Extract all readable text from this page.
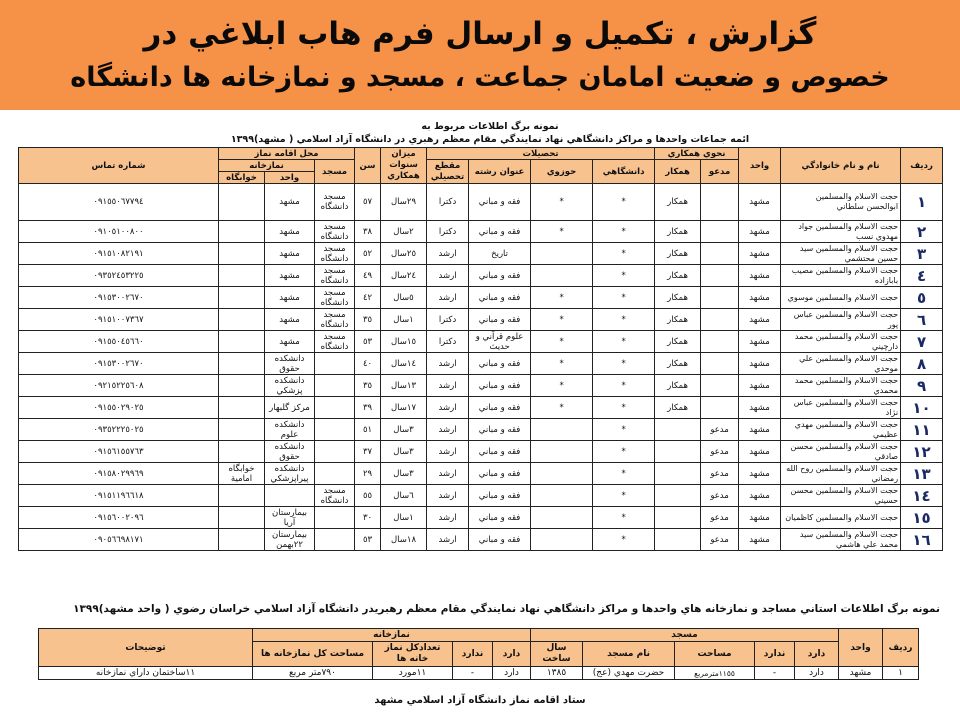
گزارش ، تكميل و ارسال فرم هاب ابلاغي در
خصوص و ضعيت امامان جماعت ، مسجد و نمازخانه ها دانشگاه
نمونه برگ اطلاعات مربوط به
ائمه جماعات واحدها و مراكز دانشگاهي نهاد نمايندگي مقام معظم رهبري در دانشگاه آزاد اسلامي ( مشهد)١٣٩٩
رديف	نام و نام خانوادگي	واحد	نحوي همكاري		تحصيلات				ميزان سنوات همكاري	سن	محل اقامه نماز			شماره تماس
			مدعو	همكار	دانشگاهي	حوزوي	عنوان رشته	مقطع تحصيلي			مسجد	نمازخانه		
												واحد	خوابگاه	
١	حجت الاسلام والمسلمين ابوالحسن سلطاني	مشهد		همكار	*	*	فقه و مباني	دكترا	٢٩سال	٥٧	مسجد دانشگاه	مشهد		٠٩١٥٥٠٦٧٧٩٤
٢	حجت الاسلام والمسلمين جواد مهدوي نسب	مشهد		همكار	*	*	فقه و مباني	دكترا	٢سال	٣٨	مسجد دانشگاه	مشهد		٠٩١٠٥١٠٠٨٠٠
٣	حجت الاسلام والمسلمين سيد حسين محتشمي	مشهد		همكار	*		تاريخ	ارشد	٢٥سال	٥٢	مسجد دانشگاه	مشهد		٠٩١٥١٠٨٢١٩١
٤	حجت الاسلام والمسلمين مصيب بابازاده	مشهد		همكار	*		فقه و مباني	ارشد	٢٤سال	٤٩	مسجد دانشگاه	مشهد		٠٩٣٥٢٤٥٣٢٢٥
٥	حجت الاسلام والمسلمين موسوي	مشهد		همكار	*	*	فقه و مباني	ارشد	٥سال	٤٢	مسجد دانشگاه	مشهد		٠٩١٥٣٠٠٢٦٧٠
٦	حجت الاسلام والمسلمين عباس پور	مشهد		همكار	*	*	فقه و مباني	دكترا	١سال	٣٥	مسجد دانشگاه	مشهد		٠٩١٥١٠٠٧٣٦٧
٧	حجت الاسلام والمسلمين محمد دارچيني	مشهد		همكار	*	*	علوم قرآني و حديث	دكترا	١٥سال	٥٣	مسجد دانشگاه	مشهد		٠٩١٥٥٠٤٥٦٦٠
٨	حجت الاسلام والمسلمين علي موحدي	مشهد		همكار	*	*	فقه و مباني	ارشد	١٤سال	٤٠		دانشكده حقوق		٠٩١٥٣٠٠٢٦٧٠
٩	حجت الاسلام والمسلمين محمد محمدي	مشهد		همكار	*	*	فقه و مباني	ارشد	١٣سال	٣٥		دانشكده پزشكي		٠٩٢١٥٢٢٥٦٠٨
١٠	حجت الاسلام والمسلمين عباس نژاد	مشهد		همكار	*	*	فقه و مباني	ارشد	١٧سال	٣٩		مركز گلبهار		٠٩١٥٥٠٢٩٠٢٥
١١	حجت الاسلام والمسلمين مهدي عظيمي	مشهد	مدعو		*		فقه و مباني	ارشد	٣سال	٥١		دانشكده علوم		٠٩٣٥٢٢٢٥٠٢٥
١٢	حجت الاسلام والمسلمين محسن صادقي	مشهد	مدعو		*		فقه و مباني	ارشد	٣سال	٣٧		دانشكده حقوق		٠٩١٥٦١٥٥٧٦٣
١٣	حجت الاسلام والمسلمين روح الله رمضاني	مشهد	مدعو		*		فقه و مباني	ارشد	٣سال	٢٩		دانشكده پيراپزشكي	خوابگاه امامية	٠٩١٥٨٠٢٩٩٦٩
١٤	حجت الاسلام والمسلمين محسن حسيني	مشهد	مدعو		*		فقه و مباني	ارشد	٦سال	٥٥	مسجد دانشگاه			٠٩١٥١١٩٦٦١٨
١٥	حجت الاسلام والمسلمين كاظميان	مشهد	مدعو		*		فقه و مباني	ارشد	١سال	٣٠		بيمارستان آريا		٠٩١٥٦٠٠٢٠٩٦
١٦	حجت الاسلام والمسلمين سيد محمد علي هاشمي	مشهد	مدعو		*		فقه و مباني	ارشد	١٨سال	٥٣		بيمارستان ٢٢بهمن		٠٩٠٥٦٦٩٨١٧١
نمونه برگ اطلاعات استاني مساجد و نمازخانه هاي واحدها و مراكز دانشگاهي نهاد نمايندگي مقام معظم رهبريدر دانشگاه آزاد اسلامي خراسان رضوي ( واحد مشهد)١٣٩٩
رديف	واحد	مسجد					نمازخانه				توضيحات
		دارد	ندارد	مساحت	نام مسجد	سال ساخت	دارد	ندارد	تعدادكل نماز خانه ها	مساحت كل نمازخانه ها	
١	مشهد	دارد	-	١١٥٥مترمربع	حضرت مهدي (عج)	١٣٨٥	دارد	-	١١مورد	٧٩٠متر مربع	١١ساختمان داراي نمازخانه
ستاد اقامه نماز دانشگاه آزاد اسلامي مشهد
